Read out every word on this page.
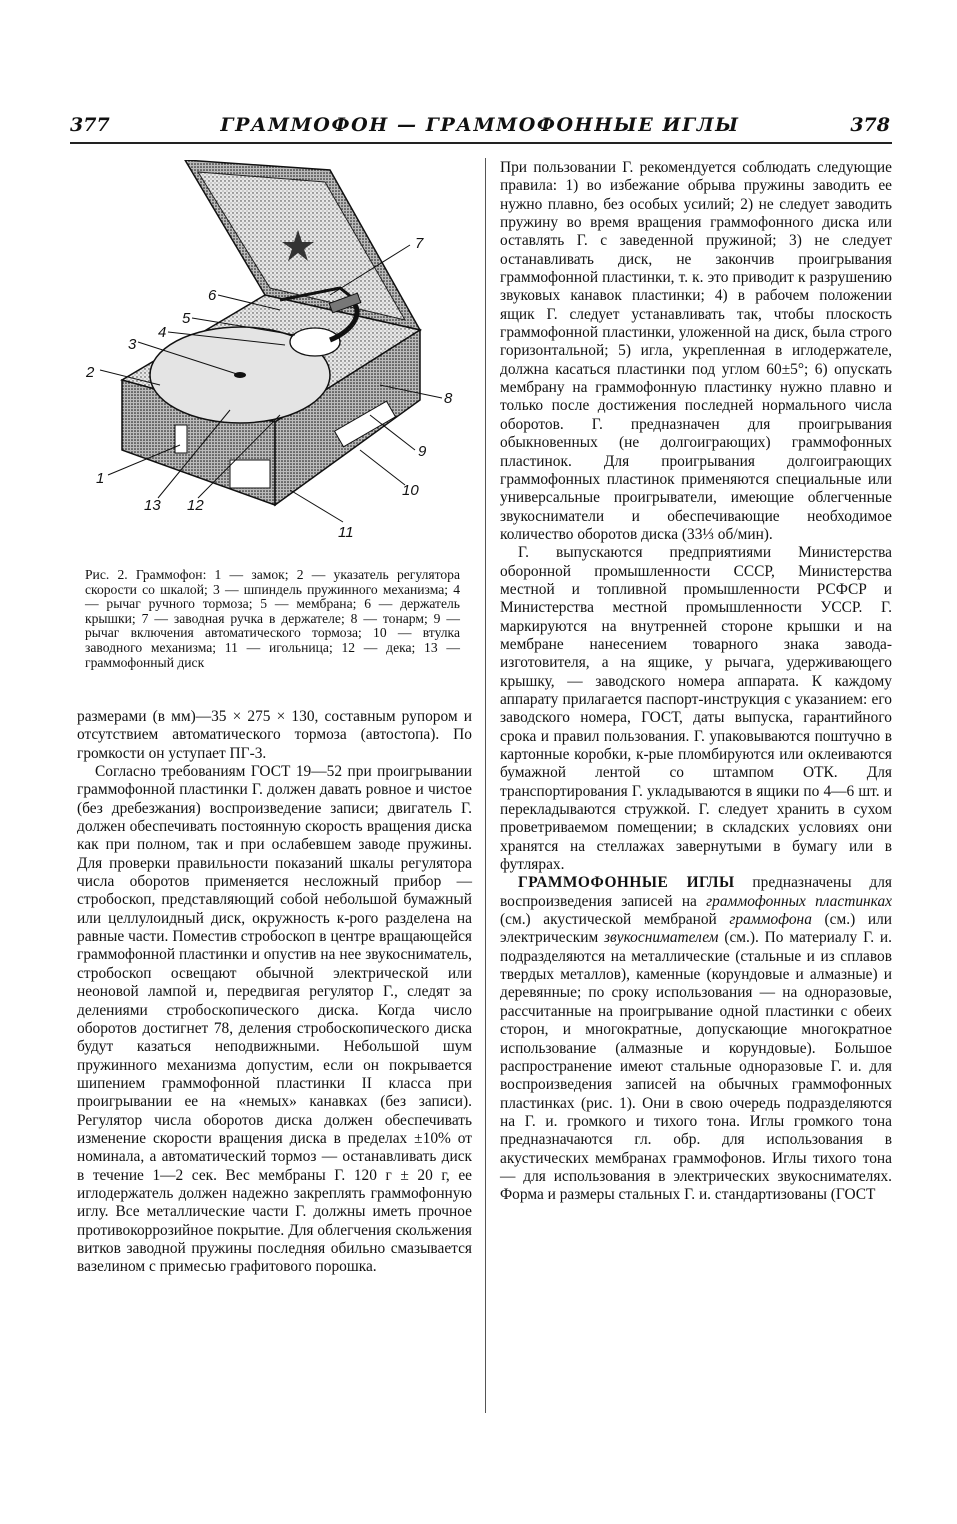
377	ГРАММОФОН — ГРАММОФОННЫЕ ИГЛЫ	378
7
6
5
4
3
2
8
9
10
11
1
13 12
Рис. 2. Граммофон: 1 — замок; 2 — указатель регулятора скорости со шкалой; 3 — шпиндель пружинного механизма; 4 — рычаг ручного тормоза; 5 — мембрана; 6 — держатель крышки; 7 — заводная ручка в держателе; 8 — тонарм; 9 — рычаг включения автоматического тормоза; 10 — втулка заводного механизма; 11 — игольница; 12 — дека; 13 — граммофонный диск

размерами (в мм)—35 × 275 × 130, составным рупором и отсутствием автоматического тормоза (автостопа). По громкости он уступает ПГ-3.

Согласно требованиям ГОСТ 19—52 при проигрывании граммофонной пластинки Г. должен давать ровное и чистое (без дребезжания) воспроизведение записи; двигатель Г. должен обеспечивать постоянную скорость вращения диска как при полном, так и при ослабевшем заводе пружины. Для проверки правильности показаний шкалы регулятора числа оборотов применяется несложный прибор — стробоскоп, представляющий собой небольшой бумажный или целлулоидный диск, окружность к-рого разделена на равные части. Поместив стробоскоп в центре вращающейся граммофонной пластинки и опустив на нее звукосниматель, стробоскоп освещают обычной электрической или неоновой лампой и, передвигая регулятор Г., следят за делениями стробоскопического диска. Когда число оборотов достигнет 78, деления стробоскопического диска будут казаться неподвижными. Небольшой шум пружинного механизма допустим, если он покрывается шипением граммофонной пластинки II класса при проигрывании ее на «немых» канавках (без записи). Регулятор числа оборотов диска должен обеспечивать изменение скорости вращения диска в пределах ±10% от номинала, а автоматический тормоз — останавливать диск в течение 1—2 сек. Вес мембраны Г. 120 г ± 20 г, ее иглодержатель должен надежно закреплять граммофонную иглу. Все металлические части Г. должны иметь прочное противокоррозийное покрытие. Для облегчения скольжения витков заводной пружины последняя обильно смазывается вазелином с примесью графитового порошка.

При пользовании Г. рекомендуется соблюдать следующие правила: 1) во избежание обрыва пружины заводить ее нужно плавно, без особых усилий; 2) не следует заводить пружину во время вращения граммофонного диска или оставлять Г. с заведенной пружиной; 3) не следует останавливать диск, не закончив проигрывания граммофонной пластинки, т. к. это приводит к разрушению звуковых канавок пластинки; 4) в рабочем положении ящик Г. следует устанавливать так, чтобы плоскость граммофонной пластинки, уложенной на диск, была строго горизонтальной; 5) игла, укрепленная в иглодержателе, должна касаться пластинки под углом 60±5°; 6) опускать мембрану на граммофонную пластинку нужно плавно и только после достижения последней нормального числа оборотов. Г. предназначен для проигрывания обыкновенных (не долгоиграющих) граммофонных пластинок. Для проигрывания долгоиграющих граммофонных пластинок применяются специальные или универсальные проигрыватели, имеющие облегченные звукосниматели и обеспечивающие необходимое количество оборотов диска (33⅓ об/мин).

Г. выпускаются предприятиями Министерства оборонной промышленности СССР, Министерства местной и топливной промышленности РСФСР и Министерства местной промышленности УССР. Г. маркируются на внутренней стороне крышки и на мембране нанесением товарного знака завода-изготовителя, а на ящике, у рычага, удерживающего крышку, — заводского номера аппарата. К каждому аппарату прилагается паспорт-инструкция с указанием: его заводского номера, ГОСТ, даты выпуска, гарантийного срока и правил пользования. Г. упаковываются поштучно в картонные коробки, к-рые пломбируются или оклеиваются бумажной лентой со штампом ОТК. Для транспортирования Г. укладываются в ящики по 4—6 шт. и перекладываются стружкой. Г. следует хранить в сухом проветриваемом помещении; в складских условиях они хранятся на стеллажах завернутыми в бумагу или в футлярах.

ГРАММОФОННЫЕ ИГЛЫ предназначены для воспроизведения записей на граммофонных пластинках (см.) акустической мембраной граммофона (см.) или электрическим звукоснимателем (см.). По материалу Г. и. подразделяются на металлические (стальные и из сплавов твердых металлов), каменные (корундовые и алмазные) и деревянные; по сроку использования — на одноразовые, рассчитанные на проигрывание одной пластинки с обеих сторон, и многократные, допускающие многократное использование (алмазные и корундовые). Большое распространение имеют стальные одноразовые Г. и. для воспроизведения записей на обычных граммофонных пластинках (рис. 1). Они в свою очередь подразделяются на Г. и. громкого и тихого тона. Иглы громкого тона предназначаются гл. обр. для использования в акустических мембранах граммофонов. Иглы тихого тона — для использования в электрических звукоснимателях. Форма и размеры стальных Г. и. стандартизованы (ГОСТ
